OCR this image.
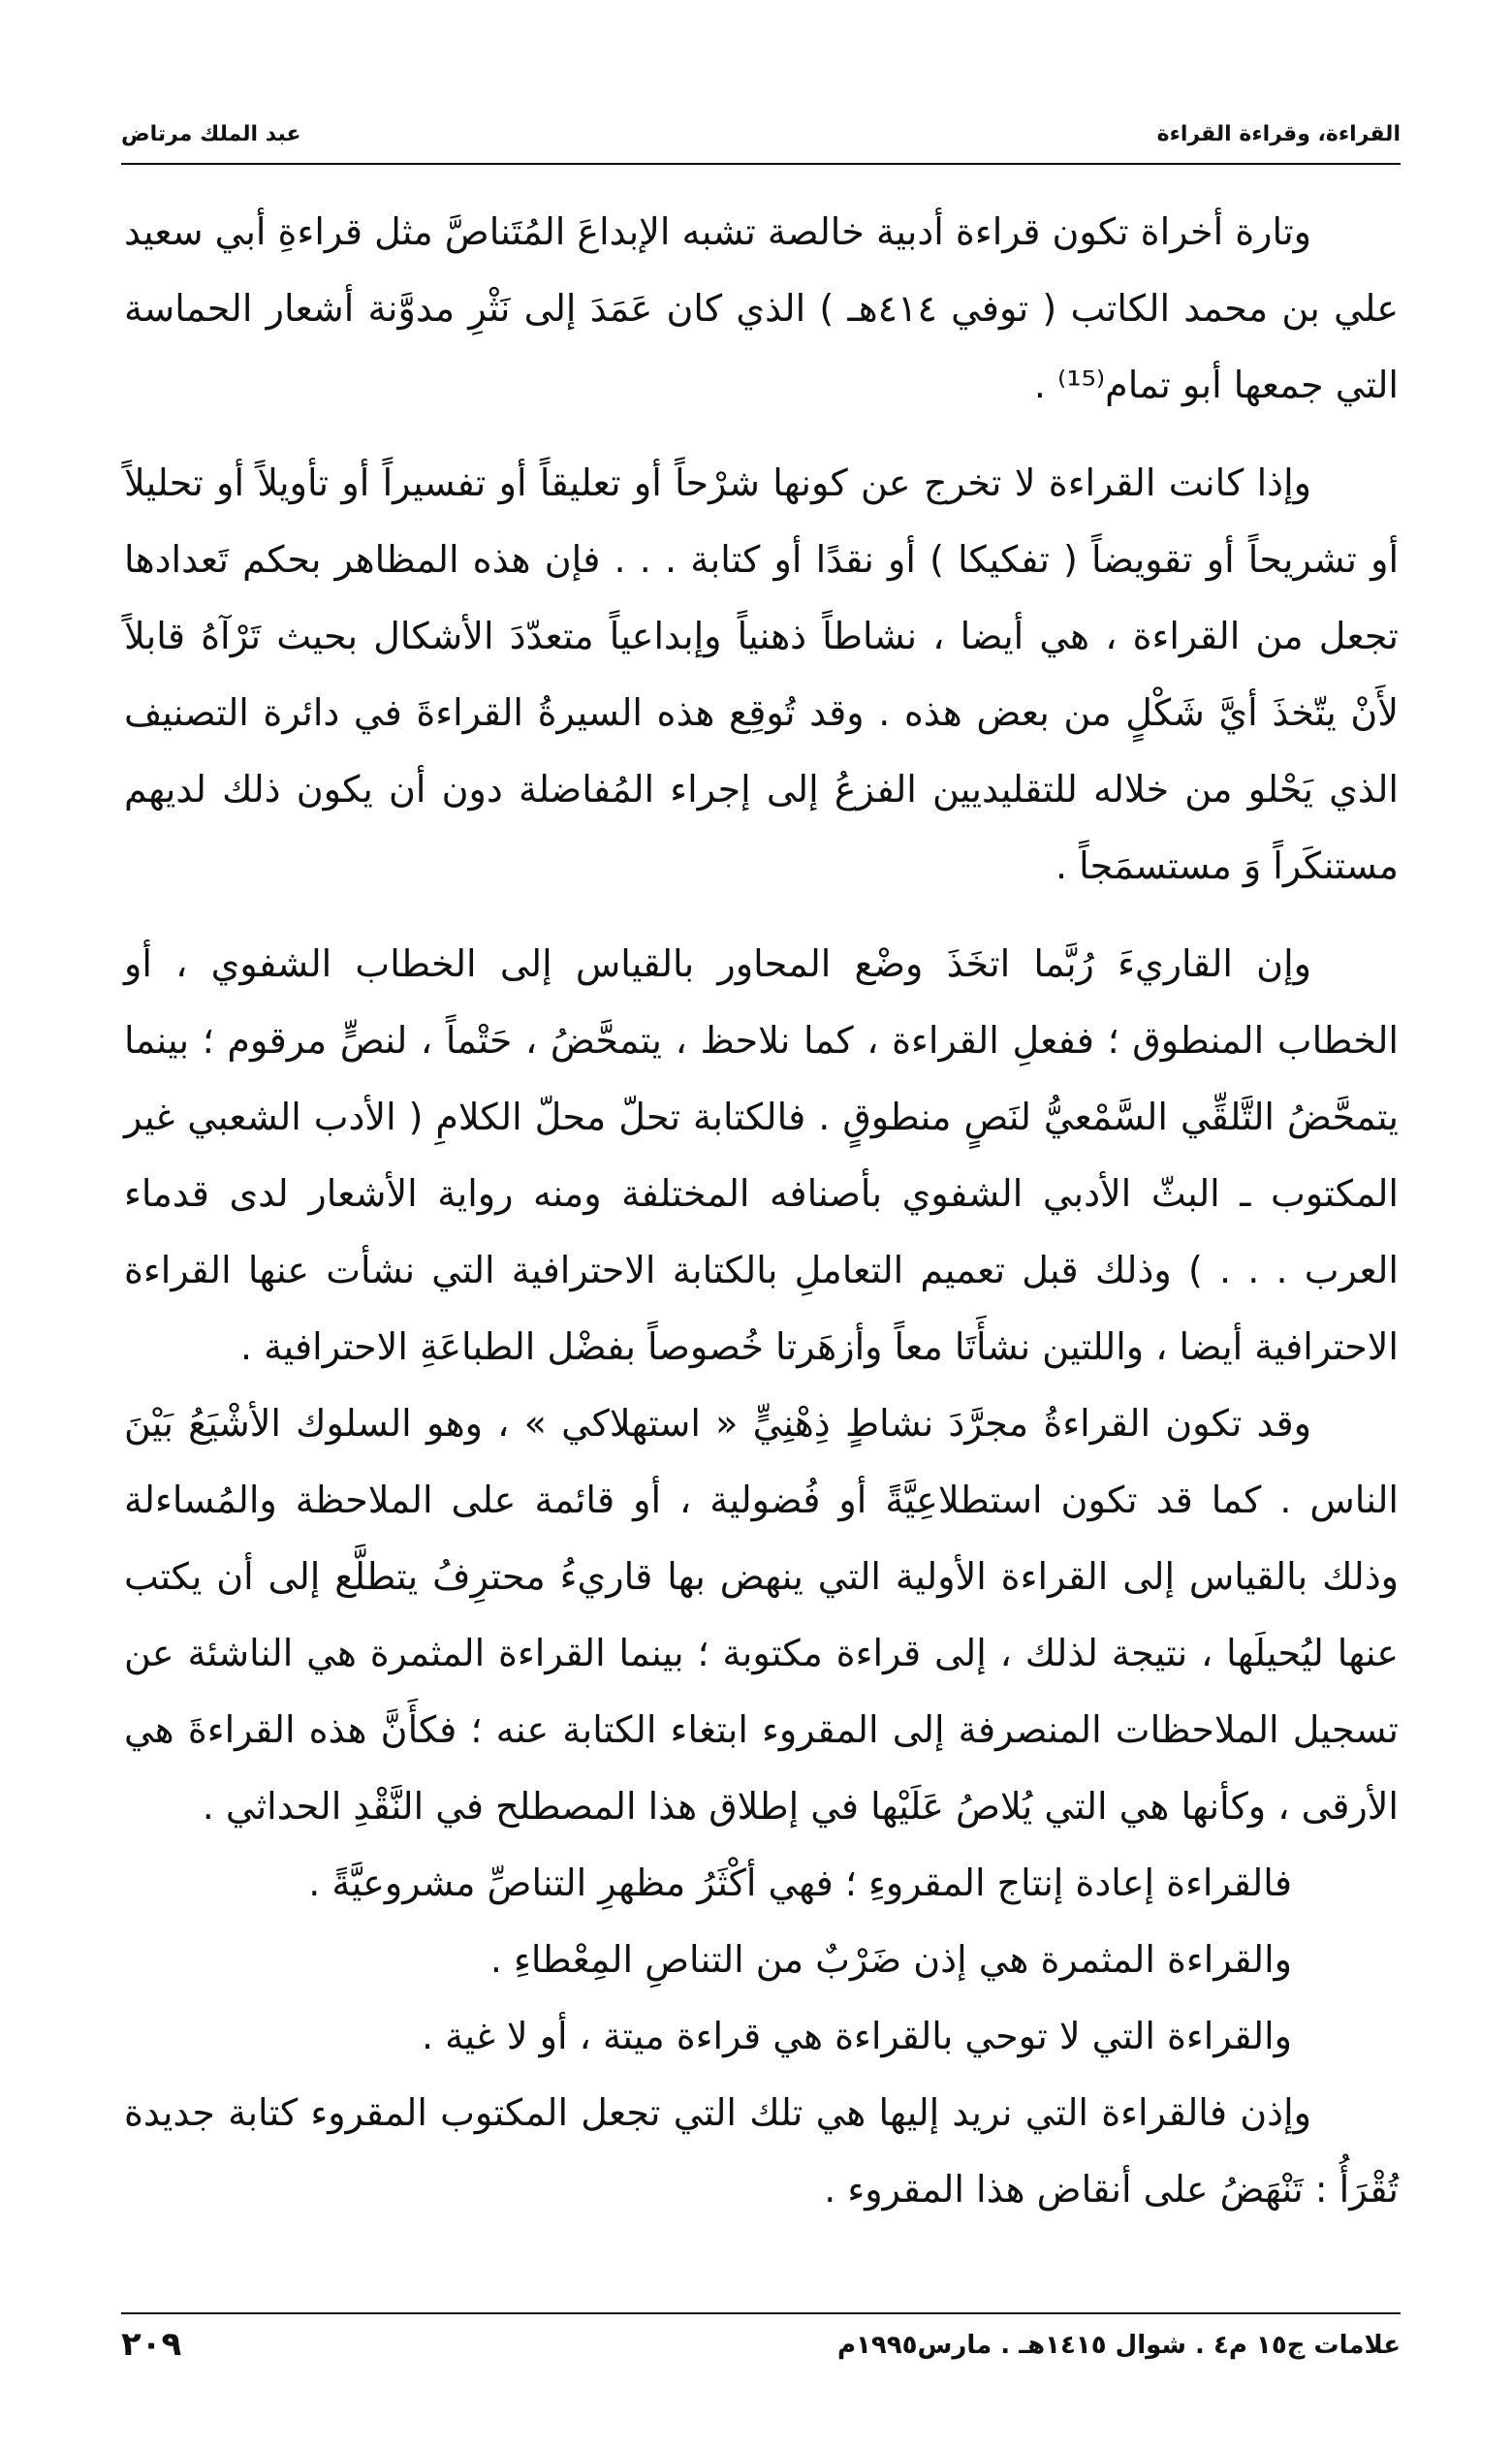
القراءة، وقراءة القراءة
عبد الملك مرتاض

وتارة أخراة تكون قراءة أدبية خالصة تشبه الإبداعَ المُتَناصَّ مثل قراءةِ أبي سعيد علي بن محمد الكاتب ( توفي ٤١٤هـ ) الذي كان عَمَدَ إلى نَثْرِ مدوَّنة أشعار الحماسة التي جمعها أبو تمام⁽¹⁵⁾ .

وإذا كانت القراءة لا تخرج عن كونها شرْحاً أو تعليقاً أو تفسيراً أو تأويلاً أو تحليلاً أو تشريحاً أو تقويضاً ( تفكيكا ) أو نقدًا أو كتابة . . . فإن هذه المظاهر بحكم تَعدادها تجعل من القراءة ، هي أيضا ، نشاطاً ذهنياً وإبداعياً متعدّدَ الأشكال بحيث تَرْآهُ قابلاً لأَنْ يتّخذَ أيَّ شَكْلٍ من بعض هذه . وقد تُوقِع هذه السيرةُ القراءةَ في دائرة التصنيف الذي يَحْلو من خلاله للتقليديين الفزعُ إلى إجراء المُفاضلة دون أن يكون ذلك لديهم مستنكَراً وَ مستسمَجاً .

وإن القاريءَ رُبَّما اتخَذَ وضْع المحاور بالقياس إلى الخطاب الشفوي ، أو الخطاب المنطوق ؛ ففعلِ القراءة ، كما نلاحظ ، يتمحَّضُ ، حَتْماً ، لنصٍّ مرقوم ؛ بينما يتمحَّضُ التَّلقِّي السَّمْعيُّ لنَصٍ منطوقٍ . فالكتابة تحلّ محلّ الكلامِ ( الأدب الشعبي غير المكتوب ـ البثّ الأدبي الشفوي بأصنافه المختلفة ومنه رواية الأشعار لدى قدماء العرب . . . ) وذلك قبل تعميم التعاملِ بالكتابة الاحترافية التي نشأت عنها القراءة الاحترافية أيضا ، واللتين نشأَتَا معاً وأزهَرتا خُصوصاً بفضْل الطباعَةِ الاحترافية .

وقد تكون القراءةُ مجرَّدَ نشاطٍ ذِهْنِيٍّ « استهلاكي » ، وهو السلوك الأشْيَعُ بَيْنَ الناس . كما قد تكون استطلاعِيَّةً أو فُضولية ، أو قائمة على الملاحظة والمُساءلة وذلك بالقياس إلى القراءة الأولية التي ينهض بها قاريءُ محترِفُ يتطلَّع إلى أن يكتب عنها ليُحيلَها ، نتيجة لذلك ، إلى قراءة مكتوبة ؛ بينما القراءة المثمرة هي الناشئة عن تسجيل الملاحظات المنصرفة إلى المقروء ابتغاء الكتابة عنه ؛ فكأَنَّ هذه القراءةَ هي الأرقى ، وكأنها هي التي يُلاصُ عَلَيْها في إطلاق هذا المصطلح في النَّقْدِ الحداثي .

فالقراءة إعادة إنتاج المقروءِ ؛ فهي أكْثَرُ مظهرِ التناصِّ مشروعيَّةً .

والقراءة المثمرة هي إذن ضَرْبٌ من التناصِ المِعْطاءِ .

والقراءة التي لا توحي بالقراءة هي قراءة ميتة ، أو لا غية .

وإذن فالقراءة التي نريد إليها هي تلك التي تجعل المكتوب المقروء كتابة جديدة تُقْرَأُ : تَنْهَضُ على أنقاض هذا المقروء .

علامات ج١٥ م٤ . شوال ١٤١٥هـ . مارس١٩٩٥م
٢٠٩
